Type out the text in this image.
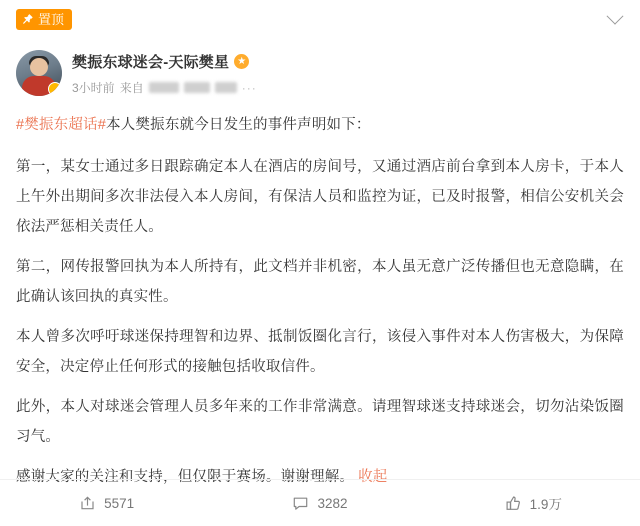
置顶
樊振东球迷会-天际樊星 ★
3小时前 来自	···

#樊振东超话#本人樊振东就今日发生的事件声明如下：

第一，某女士通过多日跟踪确定本人在酒店的房间号，又通过酒店前台拿到本人房卡，于本人上午外出期间多次非法侵入本人房间，有保洁人员和监控为证，已及时报警，相信公安机关会依法严惩相关责任人。

第二，网传报警回执为本人所持有，此文档并非机密，本人虽无意广泛传播但也无意隐瞒，在此确认该回执的真实性。

本人曾多次呼吁球迷保持理智和边界、抵制饭圈化言行，该侵入事件对本人伤害极大，为保障安全，决定停止任何形式的接触包括收取信件。

此外，本人对球迷会管理人员多年来的工作非常满意。请理智球迷支持球迷会，切勿沾染饭圈习气。

感谢大家的关注和支持，但仅限于赛场。谢谢理解。 收起

5571	3282	1.9万
